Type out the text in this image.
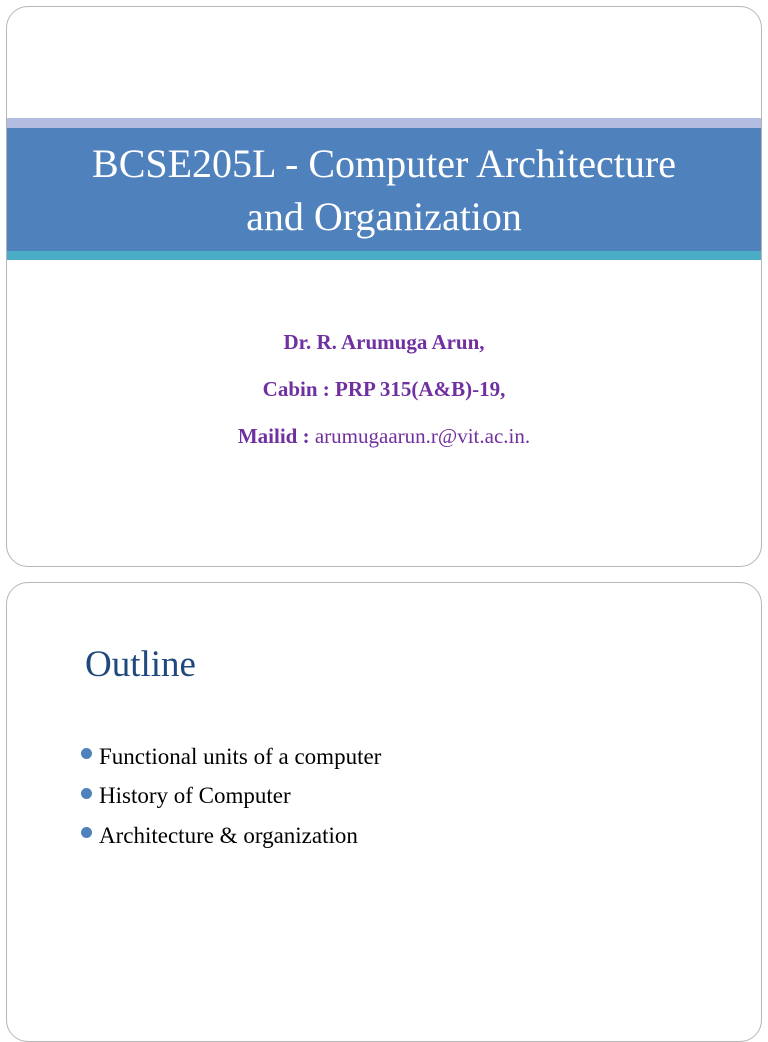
BCSE205L - Computer Architecture
and Organization

Dr. R. Arumuga Arun,

Cabin : PRP 315(A&B)-19,

Mailid : arumugaarun.r@vit.ac.in.

Outline
Functional units of a computer
History of Computer
Architecture & organization
